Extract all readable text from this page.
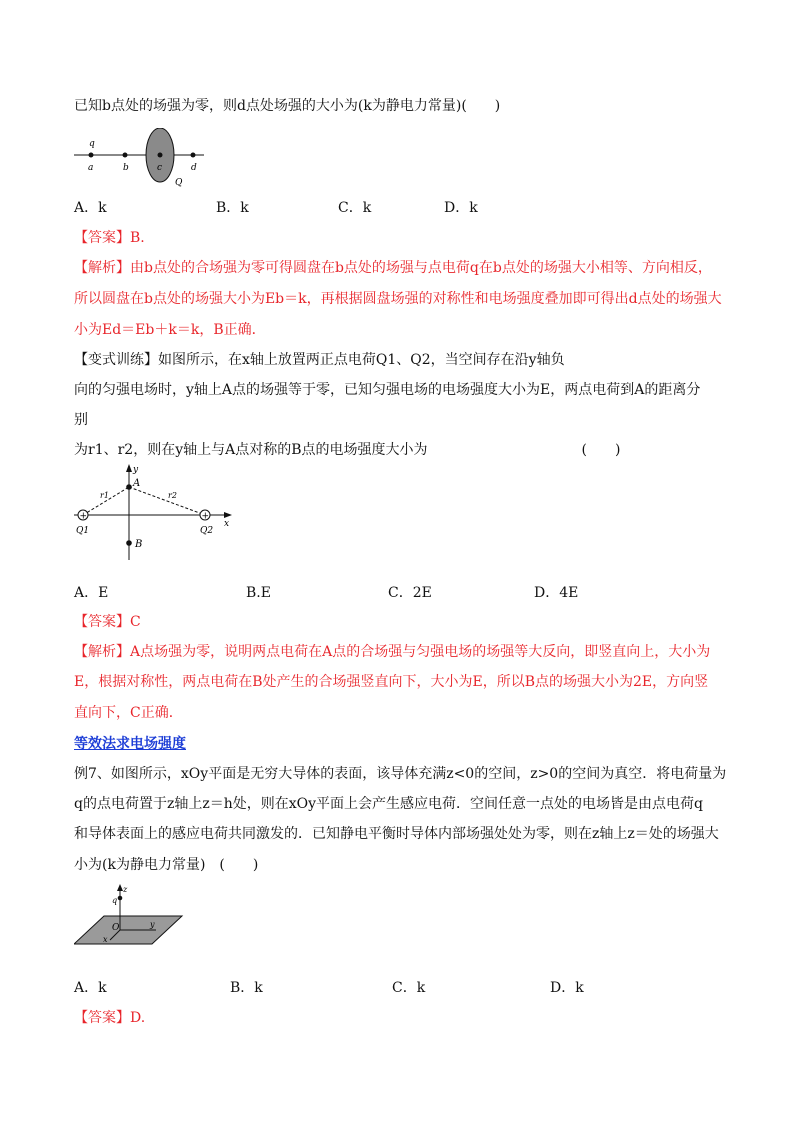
已知b点处的场强为零，则d点处场强的大小为(k为静电力常量)(　　)
q
a	b	c	d
Q
A．k	B．k	C．k	D．k
【答案】B.
【解析】由b点处的合场强为零可得圆盘在b点处的场强与点电荷q在b点处的场强大小相等、方向相反，
所以圆盘在b点处的场强大小为Eb＝k，再根据圆盘场强的对称性和电场强度叠加即可得出d点处的场强大
小为Ed＝Eb＋k＝k，B正确．
【变式训练】如图所示，在x轴上放置两正点电荷Q1、Q2，当空间存在沿y轴负
向的匀强电场时，y轴上A点的场强等于零，已知匀强电场的电场强度大小为E，两点电荷到A的距离分
别
为r1、r2，则在y轴上与A点对称的B点的电场强度大小为　　　　　　　　　　　(　　)
+	+
y
x
A
B
r1	r2
Q1	Q2
A．E	B.E	C．2E	D．4E
【答案】C
【解析】A点场强为零，说明两点电荷在A点的合场强与匀强电场的场强等大反向，即竖直向上，大小为
E，根据对称性，两点电荷在B处产生的合场强竖直向下，大小为E，所以B点的场强大小为2E，方向竖
直向下，C正确．
等效法求电场强度
例7、如图所示，xOy平面是无穷大导体的表面，该导体充满z<0的空间，z>0的空间为真空．将电荷量为
q的点电荷置于z轴上z＝h处，则在xOy平面上会产生感应电荷．空间任意一点处的电场皆是由点电荷q
和导体表面上的感应电荷共同激发的．已知静电平衡时导体内部场强处处为零，则在z轴上z＝处的场强大
小为(k为静电力常量)　(　　)
z
q
O	y
x
A．k	B．k	C．k	D．k
【答案】D.
